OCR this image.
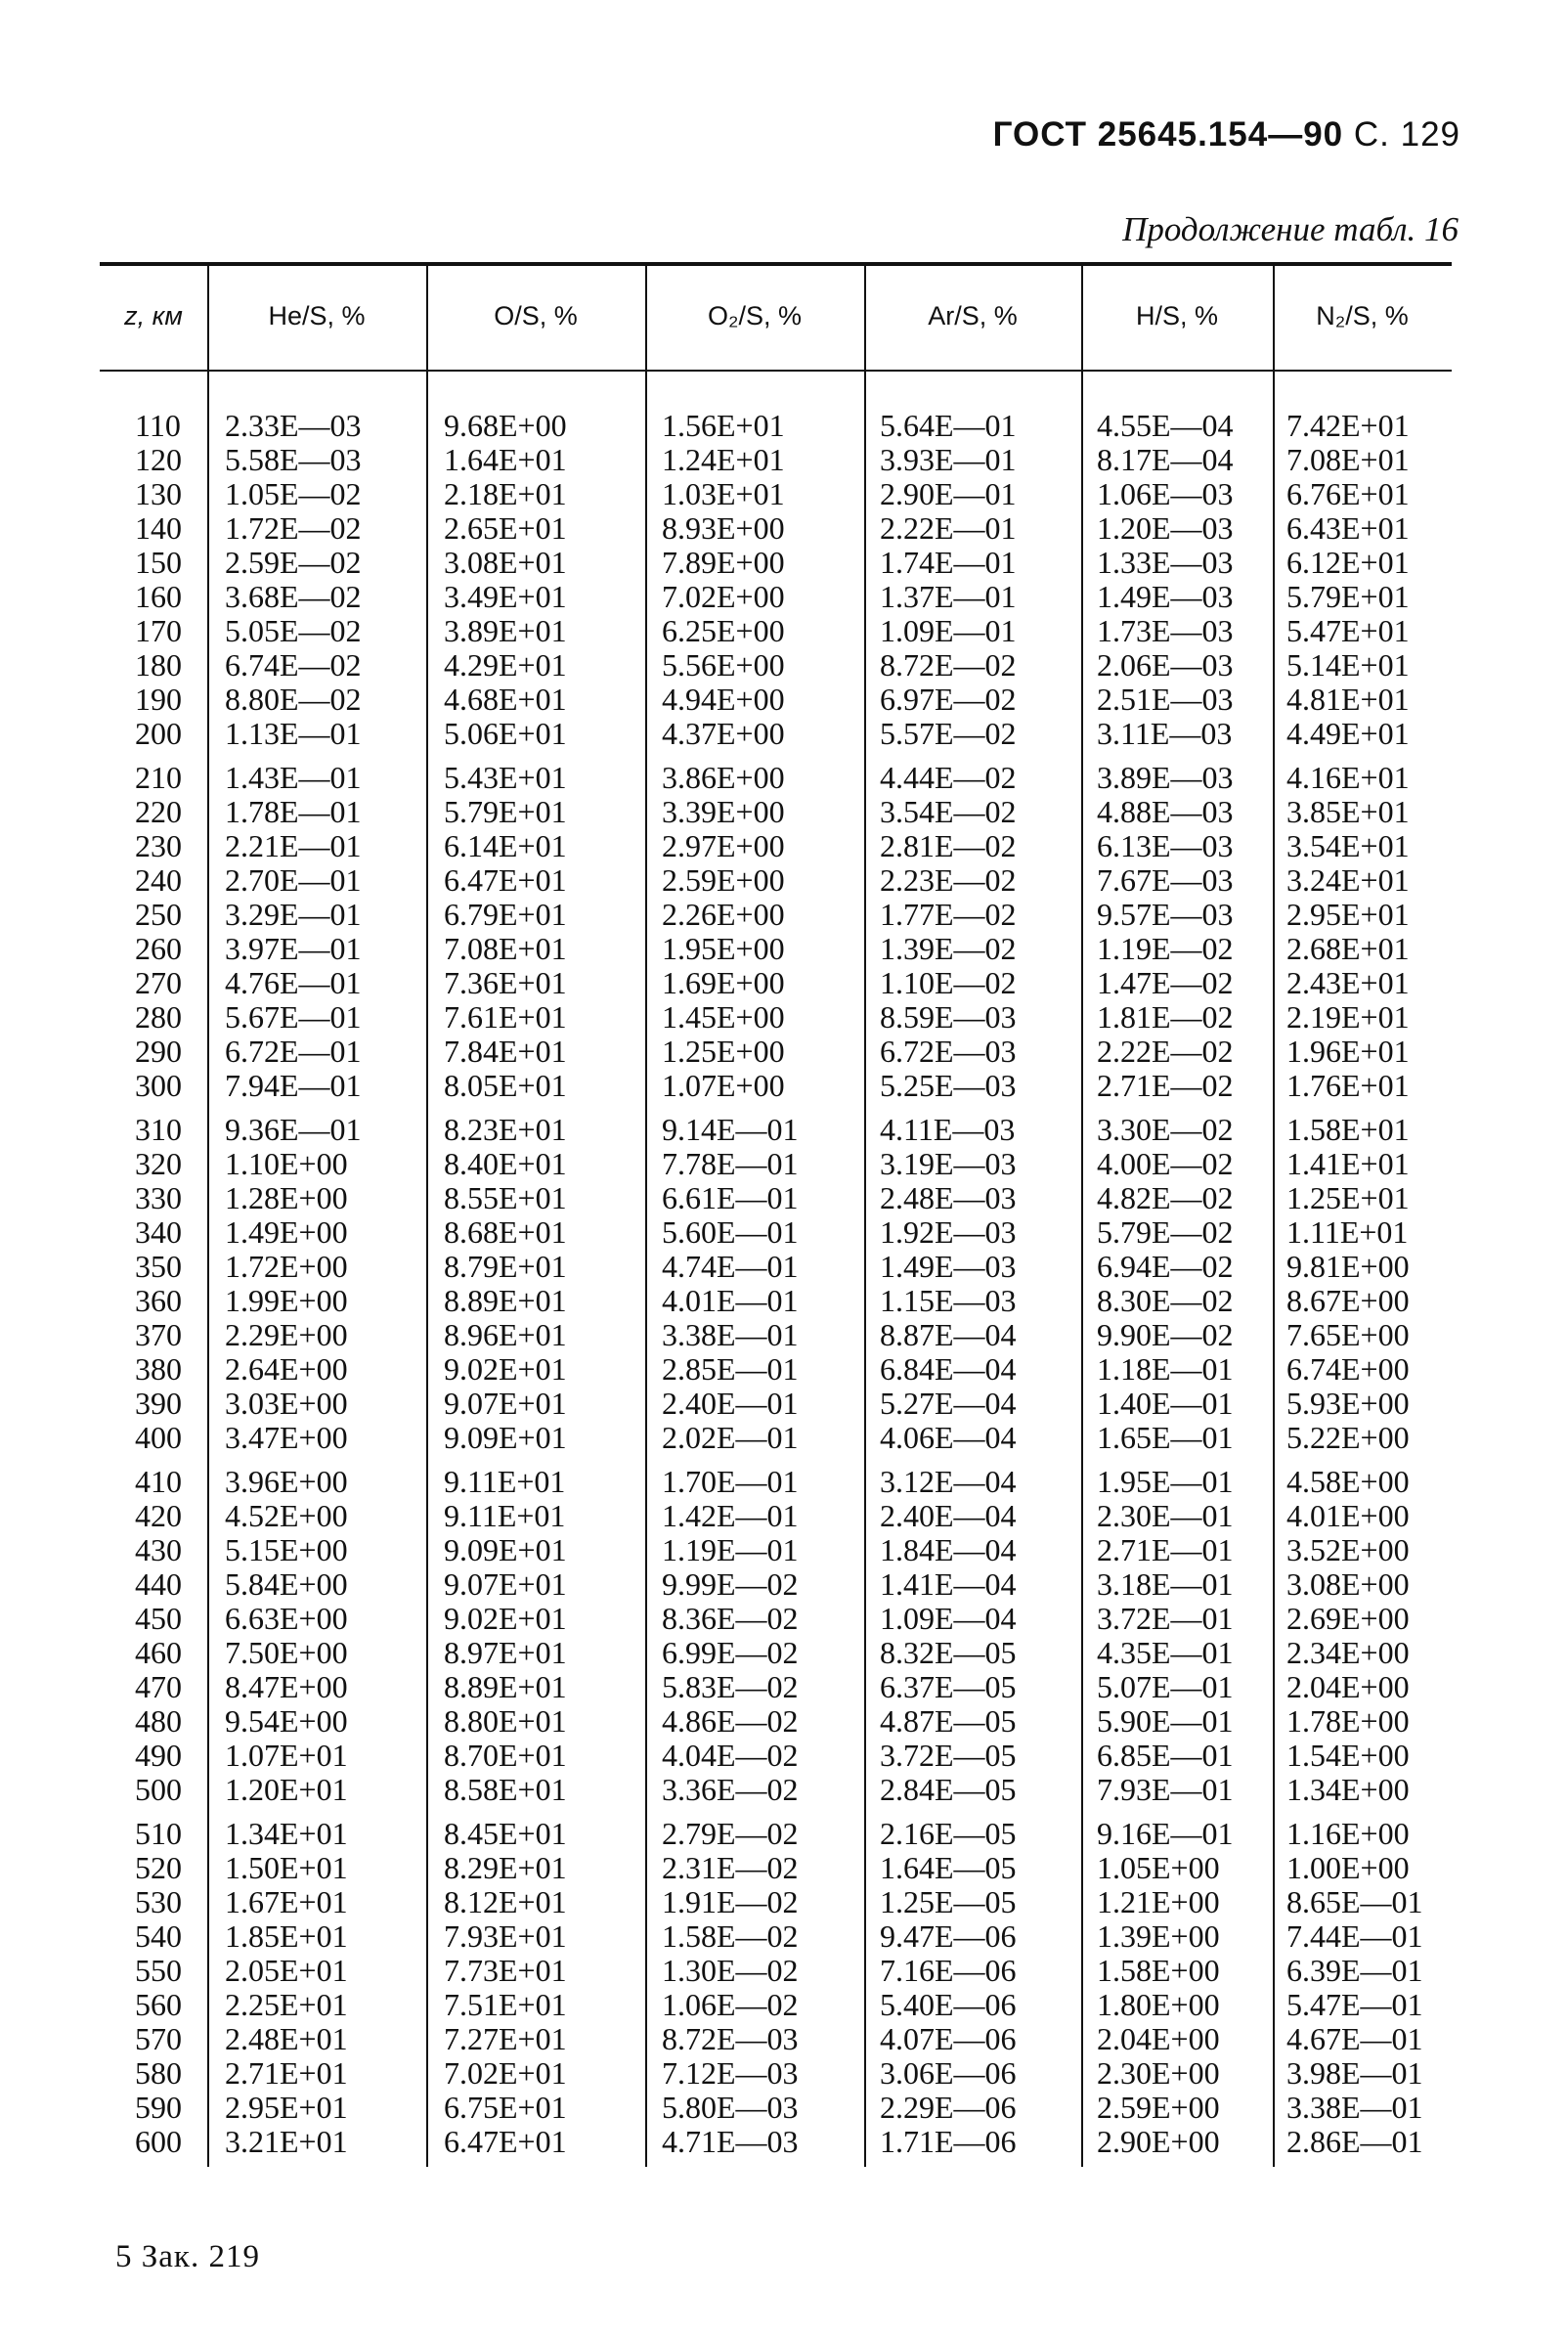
ГОСТ 25645.154—90 С. 129
Продолжение табл. 16
z, км	He/S, %	O/S, %	O₂/S, %	Ar/S, %	H/S, %	N₂/S, %
110	2.33E—03	9.68E+00	1.56E+01	5.64E—01	4.55E—04 7.42E+01
120	5.58E—03	1.64E+01	1.24E+01	3.93E—01	8.17E—04 7.08E+01
130	1.05E—02	2.18E+01	1.03E+01	2.90E—01	1.06E—03 6.76E+01
140	1.72E—02	2.65E+01	8.93E+00	2.22E—01	1.20E—03 6.43E+01
150	2.59E—02	3.08E+01	7.89E+00	1.74E—01	1.33E—03 6.12E+01
160	3.68E—02	3.49E+01	7.02E+00	1.37E—01	1.49E—03 5.79E+01
170	5.05E—02	3.89E+01	6.25E+00	1.09E—01	1.73E—03 5.47E+01
180	6.74E—02	4.29E+01	5.56E+00	8.72E—02	2.06E—03 5.14E+01
190	8.80E—02	4.68E+01	4.94E+00	6.97E—02	2.51E—03 4.81E+01
200	1.13E—01	5.06E+01	4.37E+00	5.57E—02	3.11E—03 4.49E+01
210	1.43E—01	5.43E+01	3.86E+00	4.44E—02	3.89E—03 4.16E+01
220	1.78E—01	5.79E+01	3.39E+00	3.54E—02	4.88E—03 3.85E+01
230	2.21E—01	6.14E+01	2.97E+00	2.81E—02	6.13E—03 3.54E+01
240	2.70E—01	6.47E+01	2.59E+00	2.23E—02	7.67E—03 3.24E+01
250	3.29E—01	6.79E+01	2.26E+00	1.77E—02	9.57E—03 2.95E+01
260	3.97E—01	7.08E+01	1.95E+00	1.39E—02	1.19E—02 2.68E+01
270	4.76E—01	7.36E+01	1.69E+00	1.10E—02	1.47E—02 2.43E+01
280	5.67E—01	7.61E+01	1.45E+00	8.59E—03	1.81E—02 2.19E+01
290	6.72E—01	7.84E+01	1.25E+00	6.72E—03	2.22E—02 1.96E+01
300	7.94E—01	8.05E+01	1.07E+00	5.25E—03	2.71E—02 1.76E+01
310	9.36E—01	8.23E+01	9.14E—01	4.11E—03	3.30E—02 1.58E+01
320	1.10E+00	8.40E+01	7.78E—01	3.19E—03	4.00E—02 1.41E+01
330	1.28E+00	8.55E+01	6.61E—01	2.48E—03	4.82E—02 1.25E+01
340	1.49E+00	8.68E+01	5.60E—01	1.92E—03	5.79E—02 1.11E+01
350	1.72E+00	8.79E+01	4.74E—01	1.49E—03	6.94E—02 9.81E+00
360	1.99E+00	8.89E+01	4.01E—01	1.15E—03	8.30E—02 8.67E+00
370	2.29E+00	8.96E+01	3.38E—01	8.87E—04	9.90E—02 7.65E+00
380	2.64E+00	9.02E+01	2.85E—01	6.84E—04	1.18E—01 6.74E+00
390	3.03E+00	9.07E+01	2.40E—01	5.27E—04	1.40E—01 5.93E+00
400	3.47E+00	9.09E+01	2.02E—01	4.06E—04	1.65E—01 5.22E+00
410	3.96E+00	9.11E+01	1.70E—01	3.12E—04	1.95E—01 4.58E+00
420	4.52E+00	9.11E+01	1.42E—01	2.40E—04	2.30E—01 4.01E+00
430	5.15E+00	9.09E+01	1.19E—01	1.84E—04	2.71E—01 3.52E+00
440	5.84E+00	9.07E+01	9.99E—02	1.41E—04	3.18E—01 3.08E+00
450	6.63E+00	9.02E+01	8.36E—02	1.09E—04	3.72E—01 2.69E+00
460	7.50E+00	8.97E+01	6.99E—02	8.32E—05	4.35E—01 2.34E+00
470	8.47E+00	8.89E+01	5.83E—02	6.37E—05	5.07E—01 2.04E+00
480	9.54E+00	8.80E+01	4.86E—02	4.87E—05	5.90E—01 1.78E+00
490	1.07E+01	8.70E+01	4.04E—02	3.72E—05	6.85E—01 1.54E+00
500	1.20E+01	8.58E+01	3.36E—02	2.84E—05	7.93E—01 1.34E+00
510	1.34E+01	8.45E+01	2.79E—02	2.16E—05	9.16E—01 1.16E+00
520	1.50E+01	8.29E+01	2.31E—02	1.64E—05	1.05E+00 1.00E+00
530	1.67E+01	8.12E+01	1.91E—02	1.25E—05	1.21E+00 8.65E—01
540	1.85E+01	7.93E+01	1.58E—02	9.47E—06	1.39E+00 7.44E—01
550	2.05E+01	7.73E+01	1.30E—02	7.16E—06	1.58E+00 6.39E—01
560	2.25E+01	7.51E+01	1.06E—02	5.40E—06	1.80E+00 5.47E—01
570	2.48E+01	7.27E+01	8.72E—03	4.07E—06	2.04E+00 4.67E—01
580	2.71E+01	7.02E+01	7.12E—03	3.06E—06	2.30E+00 3.98E—01
590	2.95E+01	6.75E+01	5.80E—03	2.29E—06	2.59E+00 3.38E—01
600	3.21E+01	6.47E+01	4.71E—03	1.71E—06	2.90E+00 2.86E—01
5 Зак. 219
